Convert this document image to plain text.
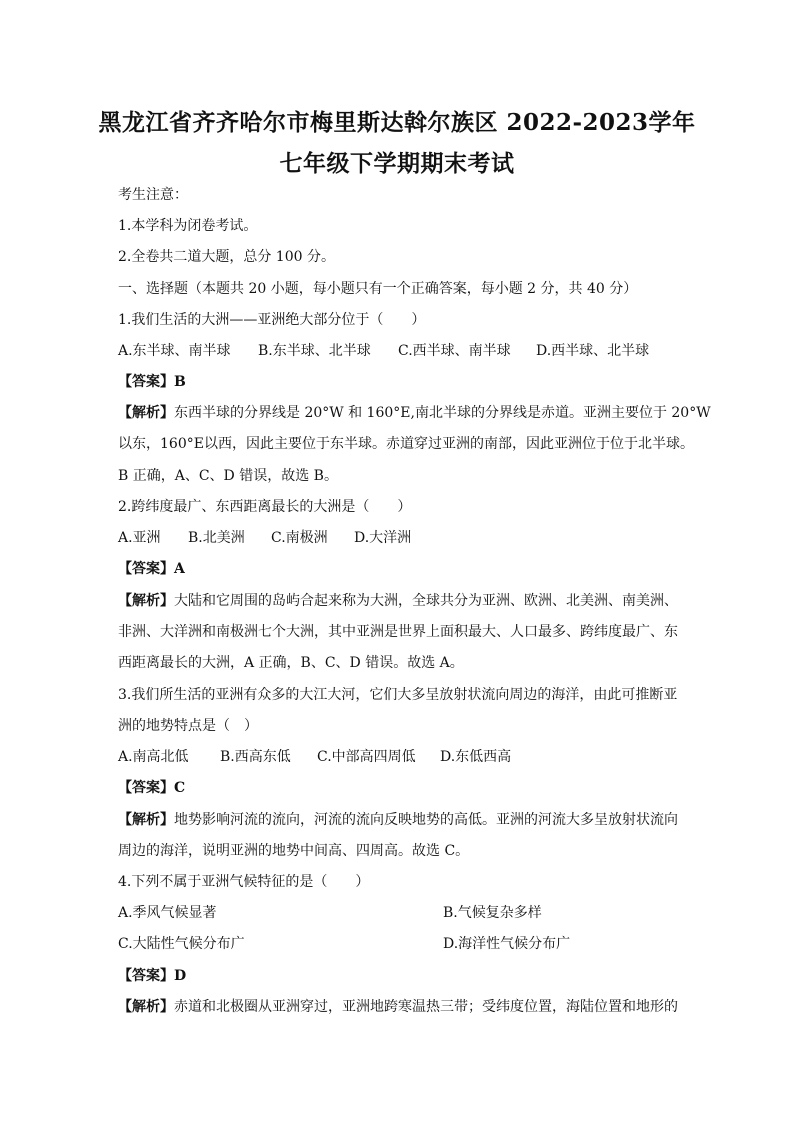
黑龙江省齐齐哈尔市梅里斯达斡尔族区 2022-2023学年
七年级下学期期末考试
考生注意：
1.本学科为闭卷考试。
2.全卷共二道大题，总分 100 分。
一、选择题（本题共 20 小题，每小题只有一个正确答案，每小题 2 分，共 40 分）
1.我们生活的大洲——亚洲绝大部分位于（　　）
A.东半球、南半球 B.东半球、北半球 C.西半球、南半球 D.西半球、北半球
【答案】B
【解析】东西半球的分界线是 20°W 和 160°E,南北半球的分界线是赤道。亚洲主要位于 20°W
以东，160°E以西，因此主要位于东半球。赤道穿过亚洲的南部，因此亚洲位于位于北半球。
B 正确，A、C、D 错误，故选 B。
2.跨纬度最广、东西距离最长的大洲是（　　）
A.亚洲 B.北美洲 C.南极洲 D.大洋洲
【答案】A
【解析】大陆和它周围的岛屿合起来称为大洲，全球共分为亚洲、欧洲、北美洲、南美洲、
非洲、大洋洲和南极洲七个大洲，其中亚洲是世界上面积最大、人口最多、跨纬度最广、东
西距离最长的大洲，A 正确，B、C、D 错误。故选 A。
3.我们所生活的亚洲有众多的大江大河，它们大多呈放射状流向周边的海洋，由此可推断亚
洲的地势特点是（　）
A.南高北低 B.西高东低 C.中部高四周低 D.东低西高
【答案】C
【解析】地势影响河流的流向，河流的流向反映地势的高低。亚洲的河流大多呈放射状流向
周边的海洋，说明亚洲的地势中间高、四周高。故选 C。
4.下列不属于亚洲气候特征的是（　　）
A.季风气候显著	B.气候复杂多样
C.大陆性气候分布广	D.海洋性气候分布广
【答案】D
【解析】赤道和北极圈从亚洲穿过，亚洲地跨寒温热三带；受纬度位置，海陆位置和地形的
